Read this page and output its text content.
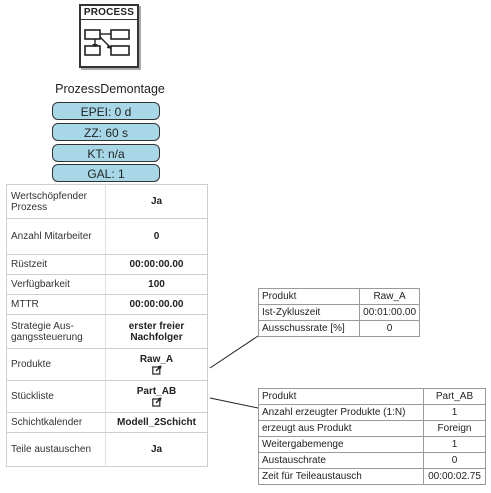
PROCESS
ProzessDemontage
EPEI: 0 d
ZZ: 60 s
KT: n/a
GAL: 1
Wertschöpfender Prozess	Ja
Anzahl Mitarbeiter	0
Rüstzeit	00:00:00.00
Verfügbarkeit	100
MTTR	00:00:00.00
Strategie Aus-gangssteuerung	erster freier Nachfolger
Produkte	Raw_A

Stückliste	Part_AB

Schichtkalender	Modell_2Schicht
Teile austauschen	Ja
Produkt	Raw_A
Ist-Zykluszeit	00:01:00.00
Ausschussrate [%]	0
Produkt	Part_AB
Anzahl erzeugter Produkte (1:N)	1
erzeugt aus Produkt	Foreign
Weitergabemenge	1
Austauschrate	0
Zeit für Teileaustausch	00:00:02.75
